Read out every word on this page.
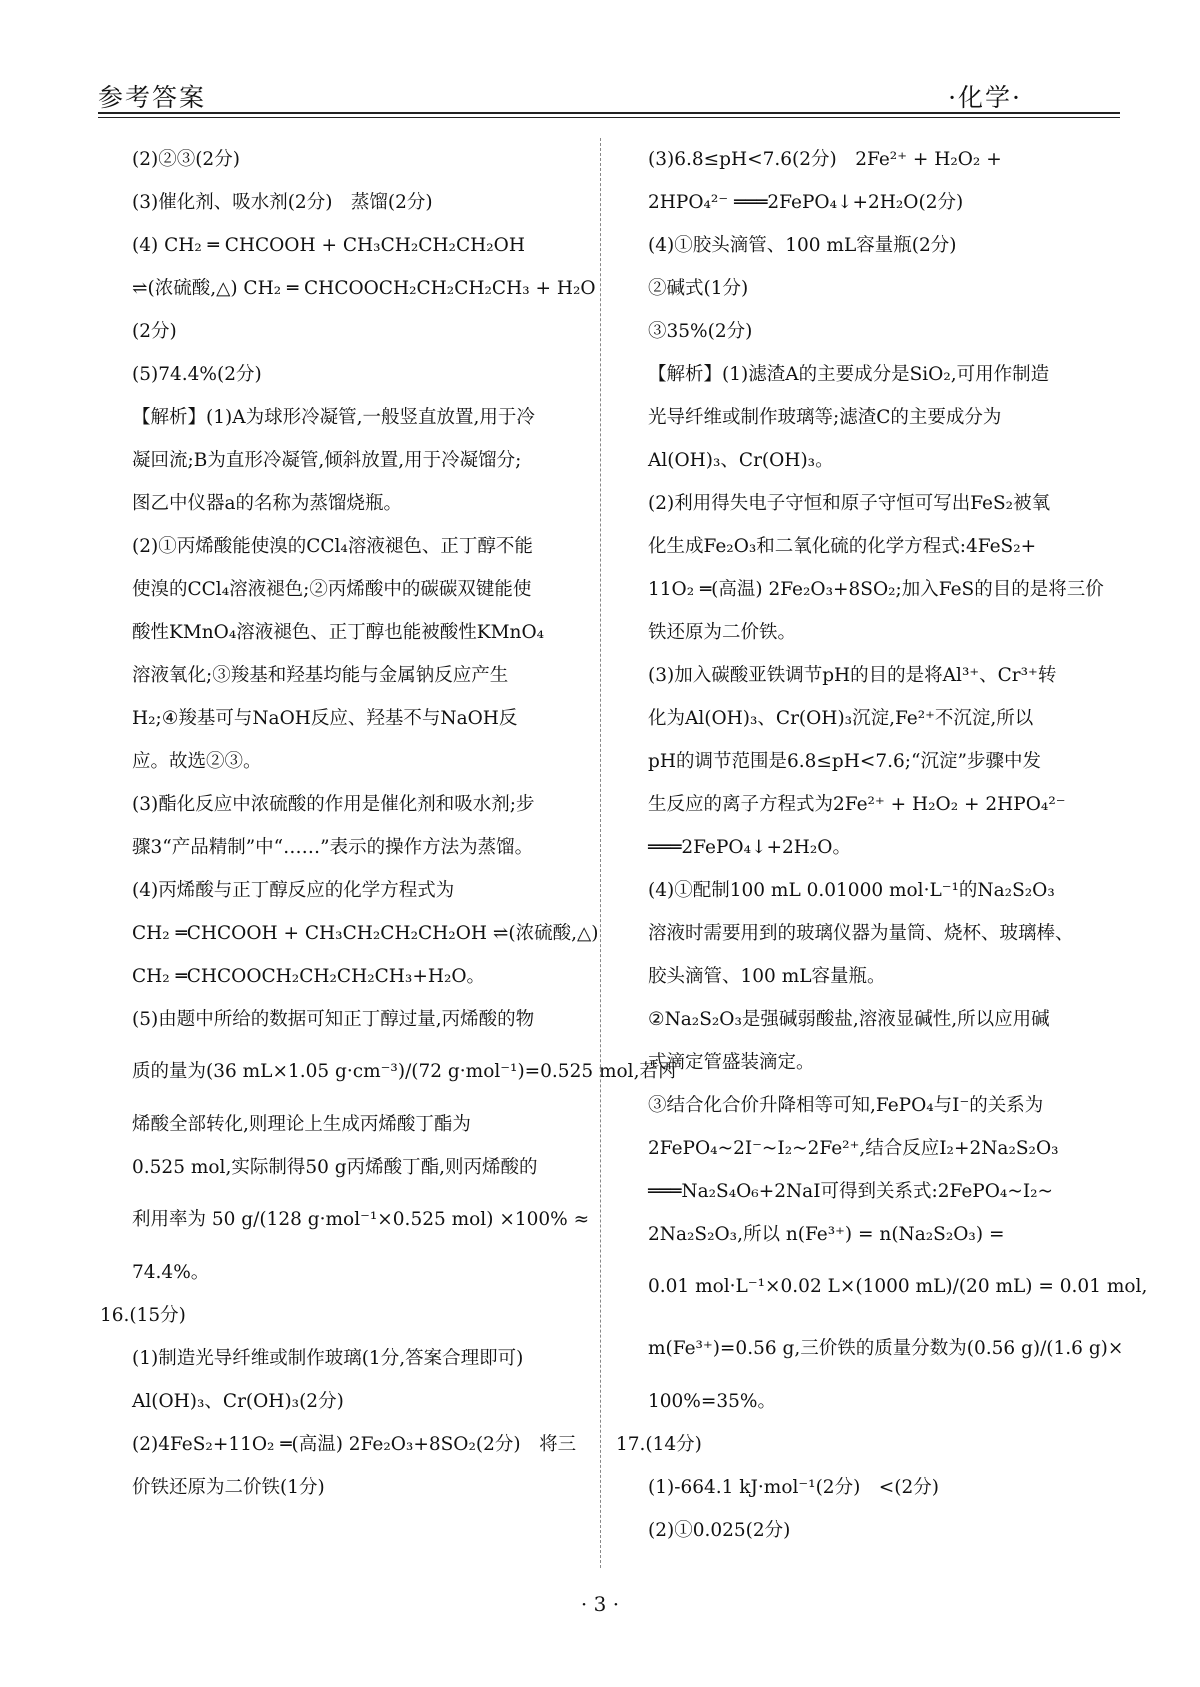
参考答案	·化学·
(2)②③(2分)
(3)催化剂、吸水剂(2分)　蒸馏(2分)
(4) CH₂ ═ CHCOOH + CH₃CH₂CH₂CH₂OH
⇌(浓硫酸,△) CH₂ ═ CHCOOCH₂CH₂CH₂CH₃ + H₂O
(2分)
(5)74.4%(2分)
【解析】(1)A为球形冷凝管,一般竖直放置,用于冷
凝回流;B为直形冷凝管,倾斜放置,用于冷凝馏分;
图乙中仪器a的名称为蒸馏烧瓶。
(2)①丙烯酸能使溴的CCl₄溶液褪色、正丁醇不能
使溴的CCl₄溶液褪色;②丙烯酸中的碳碳双键能使
酸性KMnO₄溶液褪色、正丁醇也能被酸性KMnO₄
溶液氧化;③羧基和羟基均能与金属钠反应产生
H₂;④羧基可与NaOH反应、羟基不与NaOH反
应。故选②③。
(3)酯化反应中浓硫酸的作用是催化剂和吸水剂;步
骤3“产品精制”中“……”表示的操作方法为蒸馏。
(4)丙烯酸与正丁醇反应的化学方程式为
CH₂ ═CHCOOH + CH₃CH₂CH₂CH₂OH ⇌(浓硫酸,△)
CH₂ ═CHCOOCH₂CH₂CH₂CH₃+H₂O。
(5)由题中所给的数据可知正丁醇过量,丙烯酸的物
质的量为(36 mL×1.05 g·cm⁻³)/(72 g·mol⁻¹)=0.525 mol,若丙
烯酸全部转化,则理论上生成丙烯酸丁酯为
0.525 mol,实际制得50 g丙烯酸丁酯,则丙烯酸的
利用率为 50 g/(128 g·mol⁻¹×0.525 mol) ×100% ≈
74.4%。
16.(15分)
(1)制造光导纤维或制作玻璃(1分,答案合理即可)
Al(OH)₃、Cr(OH)₃(2分)
(2)4FeS₂+11O₂ ═(高温) 2Fe₂O₃+8SO₂(2分)　将三
价铁还原为二价铁(1分)
(3)6.8≤pH<7.6(2分)　2Fe²⁺ + H₂O₂ +
2HPO₄²⁻ ═══2FePO₄↓+2H₂O(2分)
(4)①胶头滴管、100 mL容量瓶(2分)
②碱式(1分)
③35%(2分)
【解析】(1)滤渣A的主要成分是SiO₂,可用作制造
光导纤维或制作玻璃等;滤渣C的主要成分为
Al(OH)₃、Cr(OH)₃。
(2)利用得失电子守恒和原子守恒可写出FeS₂被氧
化生成Fe₂O₃和二氧化硫的化学方程式:4FeS₂+
11O₂ ═(高温) 2Fe₂O₃+8SO₂;加入FeS的目的是将三价
铁还原为二价铁。
(3)加入碳酸亚铁调节pH的目的是将Al³⁺、Cr³⁺转
化为Al(OH)₃、Cr(OH)₃沉淀,Fe²⁺不沉淀,所以
pH的调节范围是6.8≤pH<7.6;“沉淀”步骤中发
生反应的离子方程式为2Fe²⁺ + H₂O₂ + 2HPO₄²⁻
═══2FePO₄↓+2H₂O。
(4)①配制100 mL 0.01000 mol·L⁻¹的Na₂S₂O₃
溶液时需要用到的玻璃仪器为量筒、烧杯、玻璃棒、
胶头滴管、100 mL容量瓶。
②Na₂S₂O₃是强碱弱酸盐,溶液显碱性,所以应用碱
式滴定管盛装滴定。
③结合化合价升降相等可知,FePO₄与I⁻的关系为
2FePO₄~2I⁻~I₂~2Fe²⁺,结合反应I₂+2Na₂S₂O₃
═══Na₂S₄O₆+2NaI可得到关系式:2FePO₄~I₂~
2Na₂S₂O₃,所以 n(Fe³⁺) = n(Na₂S₂O₃) =
0.01 mol·L⁻¹×0.02 L×(1000 mL)/(20 mL) = 0.01 mol,
m(Fe³⁺)=0.56 g,三价铁的质量分数为(0.56 g)/(1.6 g)×
100%=35%。
17.(14分)
(1)-664.1 kJ·mol⁻¹(2分)　<(2分)
(2)①0.025(2分)
· 3 ·
